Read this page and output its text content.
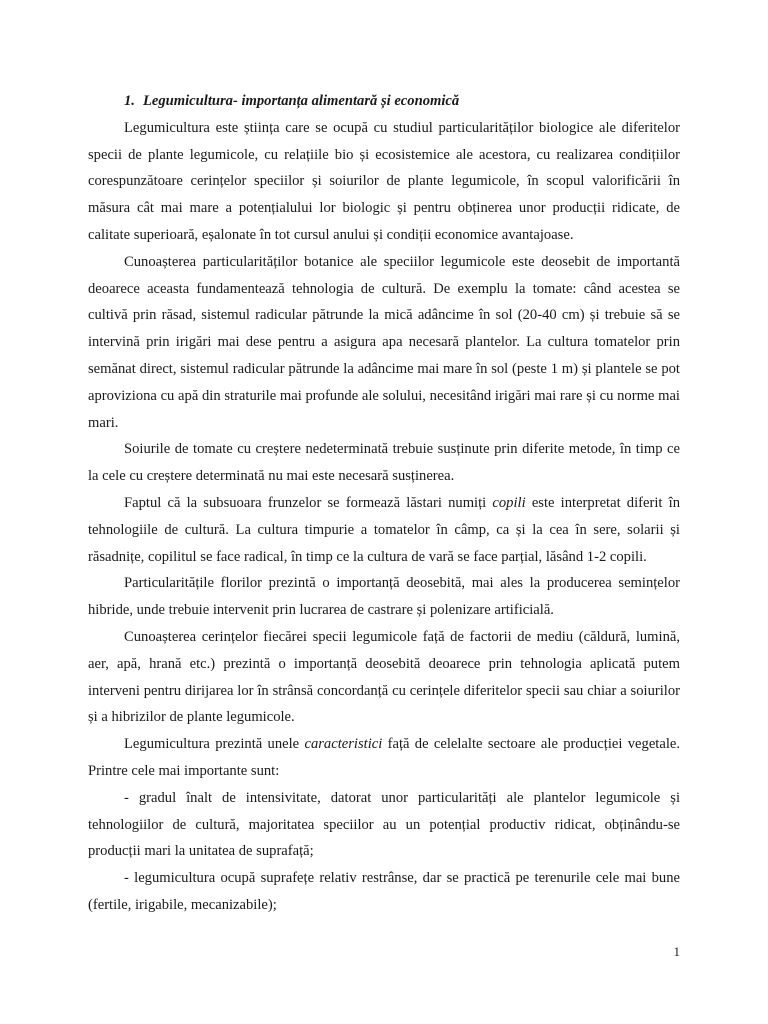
1. Legumicultura- importanța alimentară și economică

Legumicultura este știința care se ocupă cu studiul particularităților biologice ale diferitelor specii de plante legumicole, cu relațiile bio și ecosistemice ale acestora, cu realizarea condițiilor corespunzătoare cerințelor speciilor și soiurilor de plante legumicole, în scopul valorificării în măsura cât mai mare a potențialului lor biologic și pentru obținerea unor producții ridicate, de calitate superioară, eșalonate în tot cursul anului și condiții economice avantajoase.

Cunoașterea particularităților botanice ale speciilor legumicole este deosebit de importantă deoarece aceasta fundamentează tehnologia de cultură. De exemplu la tomate: când acestea se cultivă prin răsad, sistemul radicular pătrunde la mică adâncime în sol (20-40 cm) și trebuie să se intervină prin irigări mai dese pentru a asigura apa necesară plantelor. La cultura tomatelor prin semănat direct, sistemul radicular pătrunde la adâncime mai mare în sol (peste 1 m) și plantele se pot aproviziona cu apă din straturile mai profunde ale solului, necesitând irigări mai rare și cu norme mai mari.

Soiurile de tomate cu creștere nedeterminată trebuie susținute prin diferite metode, în timp ce la cele cu creștere determinată nu mai este necesară susținerea.

Faptul că la subsuoara frunzelor se formează lăstari numiți copili este interpretat diferit în tehnologiile de cultură. La cultura timpurie a tomatelor în câmp, ca și la cea în sere, solarii și răsadnițe, copilitul se face radical, în timp ce la cultura de vară se face parțial, lăsând 1-2 copili.

Particularitățile florilor prezintă o importanță deosebită, mai ales la producerea semințelor hibride, unde trebuie intervenit prin lucrarea de castrare și polenizare artificială.

Cunoașterea cerințelor fiecărei specii legumicole față de factorii de mediu (căldură, lumină, aer, apă, hrană etc.) prezintă o importanță deosebită deoarece prin tehnologia aplicată putem interveni pentru dirijarea lor în strânsă concordanță cu cerințele diferitelor specii sau chiar a soiurilor și a hibrizilor de plante legumicole.

Legumicultura prezintă unele caracteristici față de celelalte sectoare ale producției vegetale. Printre cele mai importante sunt:

- gradul înalt de intensivitate, datorat unor particularități ale plantelor legumicole și tehnologiilor de cultură, majoritatea speciilor au un potențial productiv ridicat, obținându-se producții mari la unitatea de suprafață;

- legumicultura ocupă suprafețe relativ restrânse, dar se practică pe terenurile cele mai bune (fertile, irigabile, mecanizabile);

1
